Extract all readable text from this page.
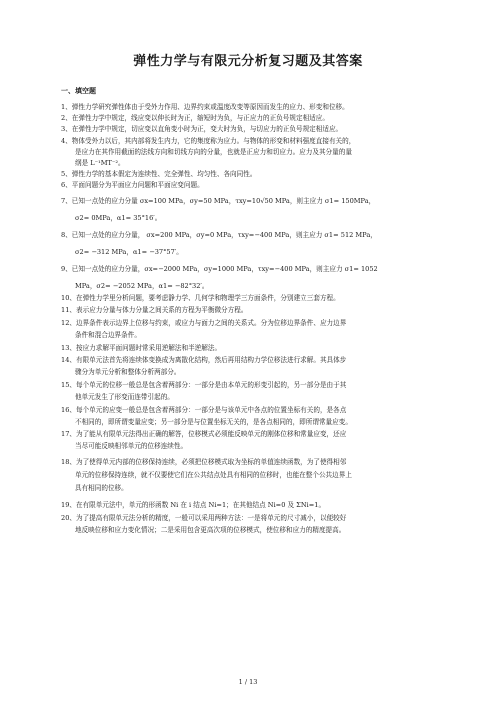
弹性力学与有限元分析复习题及其答案
一、填空题
1、弹性力学研究弹性体由于受外力作用、边界约束或温度改变等原因而发生的应力、形变和位移。
2、在弹性力学中规定，线应变以伸长时为正，缩短时为负，与正应力的正负号规定相适应。
3、在弹性力学中规定，切应变以直角变小时为正，变大时为负，与切应力的正负号规定相适应。
4、物体受外力以后，其内部将发生内力，它的集度称为应力。与物体的形变和材料强度直接有关的，
是应力在其作用截面的法线方向和切线方向的分量，也就是正应力和切应力。应力及其分量的量
纲是 L⁻¹MT⁻²。
5、弹性力学的基本假定为连续性、完全弹性、均匀性、各向同性。
6、平面问题分为平面应力问题和平面应变问题。
7、已知一点处的应力分量 σx=100 MPa，σy=50 MPa，τxy=10√50 MPa，则主应力 σ1= 150MPa，
σ2= 0MPa，α1= 35°16′。
8、已知一点处的应力分量， σx=200 MPa，σy=0 MPa，τxy=−400 MPa，则主应力 σ1= 512 MPa，
σ2= −312 MPa，α1= −37°57′。
9、已知一点处的应力分量，σx=−2000 MPa，σy=1000 MPa，τxy=−400 MPa，则主应力 σ1= 1052
MPa，σ2= −2052 MPa，α1= −82°32′。
10、在弹性力学里分析问题，要考虑静力学、几何学和物理学三方面条件，分别建立三套方程。
11、表示应力分量与体力分量之间关系的方程为平衡微分方程。
12、边界条件表示边界上位移与约束，或应力与面力之间的关系式。分为位移边界条件、应力边界
条件和混合边界条件。
13、按应力求解平面问题时常采用逆解法和半逆解法。
14、有限单元法首先将连续体变换成为离散化结构，然后再用结构力学位移法进行求解。其具体步
骤分为单元分析和整体分析两部分。
15、每个单元的位移一般总是包含着两部分：一部分是由本单元的形变引起的，另一部分是由于其
他单元发生了形变而连带引起的。
16、每个单元的应变一般总是包含着两部分：一部分是与该单元中各点的位置坐标有关的，是各点
不相同的，即所谓变量应变；另一部分是与位置坐标无关的，是各点相同的，即所谓常量应变。
17、为了能从有限单元法得出正确的解答，位移模式必须能反映单元的刚体位移和常量应变，还应
当尽可能反映相邻单元的位移连续性。
18、为了使得单元内部的位移保持连续，必须把位移模式取为坐标的单值连续函数，为了使得相邻
单元的位移保持连续，就不仅要使它们在公共结点处具有相同的位移时，也能在整个公共边界上
具有相同的位移。
19、在有限单元法中，单元的形函数 Ni 在 i 结点 Ni=1；在其他结点 Ni=0 及 ΣNi=1。
20、为了提高有限单元法分析的精度，一般可以采用两种方法：一是将单元的尺寸减小，以便较好
地反映位移和应力变化情况；二是采用包含更高次项的位移模式，使位移和应力的精度提高。
1 / 13
